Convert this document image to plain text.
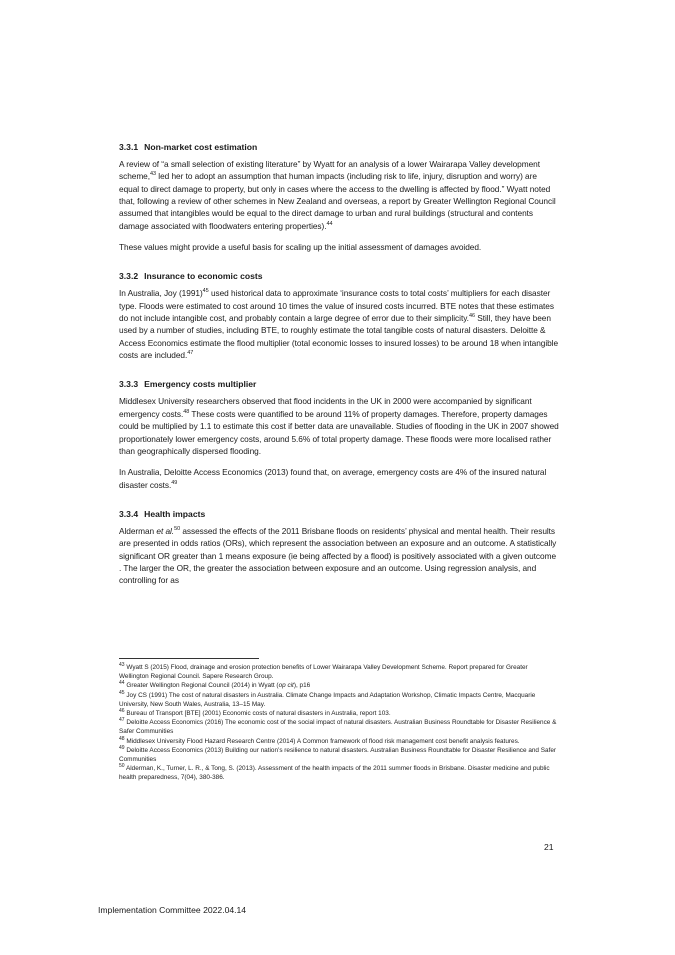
3.3.1 Non-market cost estimation

A review of “a small selection of existing literature” by Wyatt for an analysis of a lower Wairarapa Valley development scheme,$^{43}$ led her to adopt an assumption that human impacts (including risk to life, injury, disruption and worry) are equal to direct damage to property, but only in cases where the access to the dwelling is affected by flood.” Wyatt noted that, following a review of other schemes in New Zealand and overseas, a report by Greater Wellington Regional Council assumed that intangibles would be equal to the direct damage to urban and rural buildings (structural and contents damage associated with floodwaters entering properties).$^{44}$

These values might provide a useful basis for scaling up the initial assessment of damages avoided.

3.3.2 Insurance to economic costs

In Australia, Joy $(1991)^{45}$ used historical data to approximate ‘insurance costs to total costs’ multipliers for each disaster type. Floods were estimated to cost around 10 times the value of insured costs incurred. BTE notes that these estimates do not include intangible cost, and probably contain a large degree of error due to their simplicity.$^{46}$ Still, they have been used by a number of studies, including BTE, to roughly estimate the total tangible costs of natural disasters. Deloitte & Access Economics estimate the flood multiplier (total economic losses to insured losses) to be around 18 when intangible costs are included.$^{47}$

3.3.3 Emergency costs multiplier

Middlesex University researchers observed that flood incidents in the UK in 2000 were accompanied by significant emergency costs.$^{48}$ These costs were quantified to be around 11% of property damages. Therefore, property damages could be multiplied by 1.1 to estimate this cost if better data are unavailable. Studies of flooding in the UK in 2007 showed proportionately lower emergency costs, around 5.6% of total property damage. These floods were more localised rather than geographically dispersed flooding.

In Australia, Deloitte Access Economics (2013) found that, on average, emergency costs are 4% of the insured natural disaster costs.$^{49}$

3.3.4 Health impacts

Alderman et al.$^{50}$ assessed the effects of the 2011 Brisbane floods on residents’ physical and mental health. Their results are presented in odds ratios (ORs), which represent the association between an exposure and an outcome. A statistically significant OR greater than 1 means exposure (ie being affected by a flood) is positively associated with a given outcome . The larger the OR, the greater the association between exposure and an outcome. Using regression analysis, and controlling for as

$^{43}$ Wyatt S (2015) Flood, drainage and erosion protection benefits of Lower Wairarapa Valley Development Scheme. Report prepared for Greater Wellington Regional Council. Sapere Research Group.

$^{44}$ Greater Wellington Regional Council (2014) in Wyatt (op cit), p16

$^{45}$ Joy CS (1991) The cost of natural disasters in Australia. Climate Change Impacts and Adaptation Workshop, Climatic Impacts Centre, Macquarie University, New South Wales, Australia, 13–15 May.

$^{46}$ Bureau of Transport [BTE] (2001) Economic costs of natural disasters in Australia, report 103.

$^{47}$ Deloitte Access Economics (2016) The economic cost of the social impact of natural disasters. Australian Business Roundtable for Disaster Resilience & Safer Communities

$^{48}$ Middlesex University Flood Hazard Research Centre (2014) A Common framework of flood risk management cost benefit analysis features.

$^{49}$ Deloitte Access Economics (2013) Building our nation’s resilience to natural disasters. Australian Business Roundtable for Disaster Resilience and Safer Communities

$^{50}$ Alderman, K., Turner, L. R., & Tong, S. (2013). Assessment of the health impacts of the 2011 summer floods in Brisbane. Disaster medicine and public health preparedness, 7(04), 380-386.

21
Implementation Committee 2022.04.14
